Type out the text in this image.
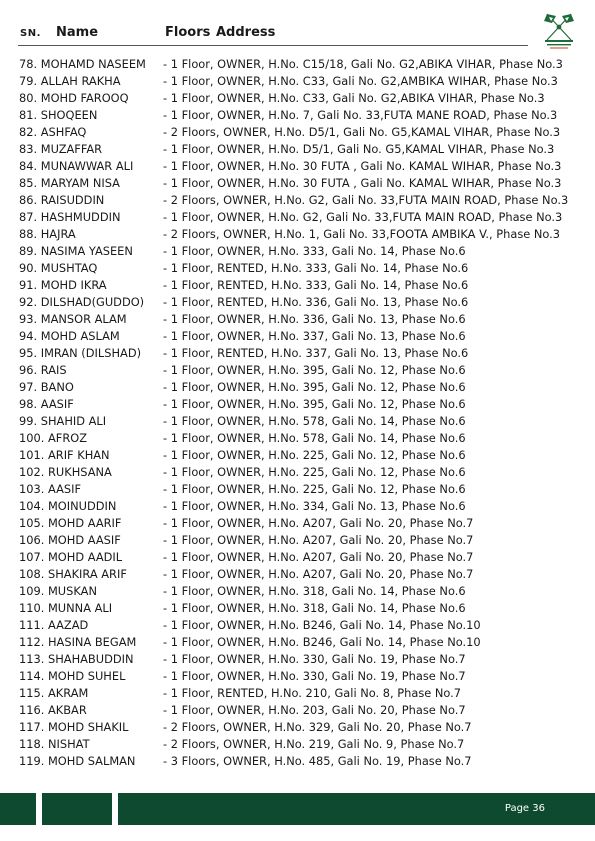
SN. Name	Floors Address
78. MOHAMD NASEEM - 1 Floor, OWNER, H.No. C15/18, Gali No. G2,ABIKA VIHAR, Phase No.3
79. ALLAH RAKHA	- 1 Floor, OWNER, H.No. C33, Gali No. G2,AMBIKA WIHAR, Phase No.3
80. MOHD FAROOQ	- 1 Floor, OWNER, H.No. C33, Gali No. G2,ABIKA VIHAR, Phase No.3
81. SHOQEEN	- 1 Floor, OWNER, H.No. 7, Gali No. 33,FUTA MANE ROAD, Phase No.3
82. ASHFAQ	- 2 Floors, OWNER, H.No. D5/1, Gali No. G5,KAMAL VIHAR, Phase No.3
83. MUZAFFAR	- 1 Floor, OWNER, H.No. D5/1, Gali No. G5,KAMAL VIHAR, Phase No.3
84. MUNAWWAR ALI	- 1 Floor, OWNER, H.No. 30 FUTA , Gali No. KAMAL WIHAR, Phase No.3
85. MARYAM NISA	- 1 Floor, OWNER, H.No. 30 FUTA , Gali No. KAMAL WIHAR, Phase No.3
86. RAISUDDIN	- 2 Floors, OWNER, H.No. G2, Gali No. 33,FUTA MAIN ROAD, Phase No.3
87. HASHMUDDIN	- 1 Floor, OWNER, H.No. G2, Gali No. 33,FUTA MAIN ROAD, Phase No.3
88. HAJRA	- 2 Floors, OWNER, H.No. 1, Gali No. 33,FOOTA AMBIKA V., Phase No.3
89. NASIMA YASEEN	- 1 Floor, OWNER, H.No. 333, Gali No. 14, Phase No.6
90. MUSHTAQ	- 1 Floor, RENTED, H.No. 333, Gali No. 14, Phase No.6
91. MOHD IKRA	- 1 Floor, RENTED, H.No. 333, Gali No. 14, Phase No.6
92. DILSHAD(GUDDO) - 1 Floor, RENTED, H.No. 336, Gali No. 13, Phase No.6
93. MANSOR ALAM	- 1 Floor, OWNER, H.No. 336, Gali No. 13, Phase No.6
94. MOHD ASLAM	- 1 Floor, OWNER, H.No. 337, Gali No. 13, Phase No.6
95. IMRAN (DILSHAD) - 1 Floor, RENTED, H.No. 337, Gali No. 13, Phase No.6
96. RAIS	- 1 Floor, OWNER, H.No. 395, Gali No. 12, Phase No.6
97. BANO	- 1 Floor, OWNER, H.No. 395, Gali No. 12, Phase No.6
98. AASIF	- 1 Floor, OWNER, H.No. 395, Gali No. 12, Phase No.6
99. SHAHID ALI	- 1 Floor, OWNER, H.No. 578, Gali No. 14, Phase No.6
100. AFROZ	- 1 Floor, OWNER, H.No. 578, Gali No. 14, Phase No.6
101. ARIF KHAN	- 1 Floor, OWNER, H.No. 225, Gali No. 12, Phase No.6
102. RUKHSANA	- 1 Floor, OWNER, H.No. 225, Gali No. 12, Phase No.6
103. AASIF	- 1 Floor, OWNER, H.No. 225, Gali No. 12, Phase No.6
104. MOINUDDIN	- 1 Floor, OWNER, H.No. 334, Gali No. 13, Phase No.6
105. MOHD AARIF	- 1 Floor, OWNER, H.No. A207, Gali No. 20, Phase No.7
106. MOHD AASIF	- 1 Floor, OWNER, H.No. A207, Gali No. 20, Phase No.7
107. MOHD AADIL	- 1 Floor, OWNER, H.No. A207, Gali No. 20, Phase No.7
108. SHAKIRA ARIF	- 1 Floor, OWNER, H.No. A207, Gali No. 20, Phase No.7
109. MUSKAN	- 1 Floor, OWNER, H.No. 318, Gali No. 14, Phase No.6
110. MUNNA ALI	- 1 Floor, OWNER, H.No. 318, Gali No. 14, Phase No.6
111. AAZAD	- 1 Floor, OWNER, H.No. B246, Gali No. 14, Phase No.10
112. HASINA BEGAM - 1 Floor, OWNER, H.No. B246, Gali No. 14, Phase No.10
113. SHAHABUDDIN	- 1 Floor, OWNER, H.No. 330, Gali No. 19, Phase No.7
114. MOHD SUHEL	- 1 Floor, OWNER, H.No. 330, Gali No. 19, Phase No.7
115. AKRAM	- 1 Floor, RENTED, H.No. 210, Gali No. 8, Phase No.7
116. AKBAR	- 1 Floor, OWNER, H.No. 203, Gali No. 20, Phase No.7
117. MOHD SHAKIL	- 2 Floors, OWNER, H.No. 329, Gali No. 20, Phase No.7
118. NISHAT	- 2 Floors, OWNER, H.No. 219, Gali No. 9, Phase No.7
119. MOHD SALMAN - 3 Floors, OWNER, H.No. 485, Gali No. 19, Phase No.7
Page 36
